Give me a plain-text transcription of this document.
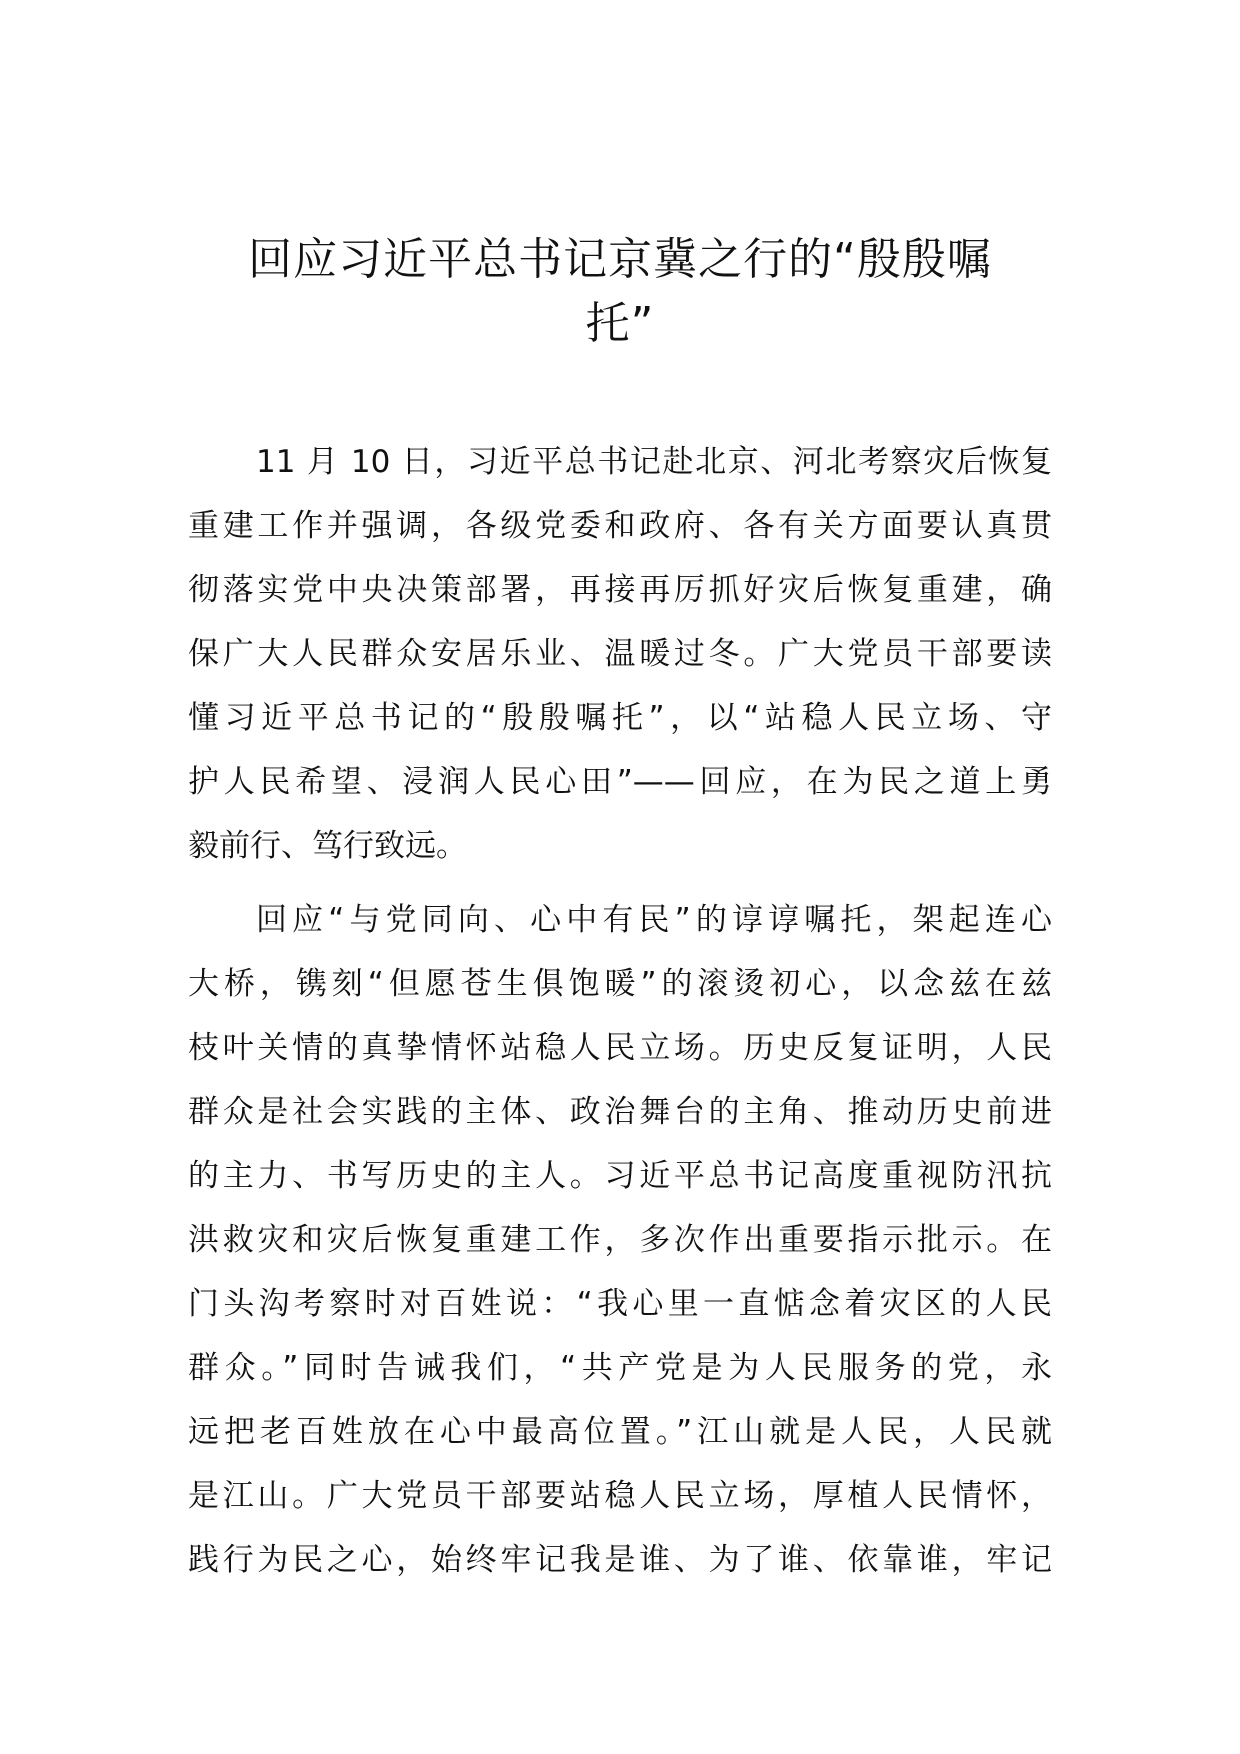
回应习近平总书记京冀之行的“殷殷嘱
托”
11 月 10 日，习近平总书记赴北京、河北考察灾后恢复
重建工作并强调，各级党委和政府、各有关方面要认真贯
彻落实党中央决策部署，再接再厉抓好灾后恢复重建，确
保广大人民群众安居乐业、温暖过冬。广大党员干部要读
懂习近平总书记的“殷殷嘱托”，以“站稳人民立场、守
护人民希望、浸润人民心田”——回应，在为民之道上勇
毅前行、笃行致远。
回应“与党同向、心中有民”的谆谆嘱托，架起连心
大桥，镌刻“但愿苍生俱饱暖”的滚烫初心，以念兹在兹
枝叶关情的真挚情怀站稳人民立场。历史反复证明，人民
群众是社会实践的主体、政治舞台的主角、推动历史前进
的主力、书写历史的主人。习近平总书记高度重视防汛抗
洪救灾和灾后恢复重建工作，多次作出重要指示批示。在
门头沟考察时对百姓说：“我心里一直惦念着灾区的人民
群众。”同时告诫我们，“共产党是为人民服务的党，永
远把老百姓放在心中最高位置。”江山就是人民，人民就
是江山。广大党员干部要站稳人民立场，厚植人民情怀，
践行为民之心，始终牢记我是谁、为了谁、依靠谁，牢记
